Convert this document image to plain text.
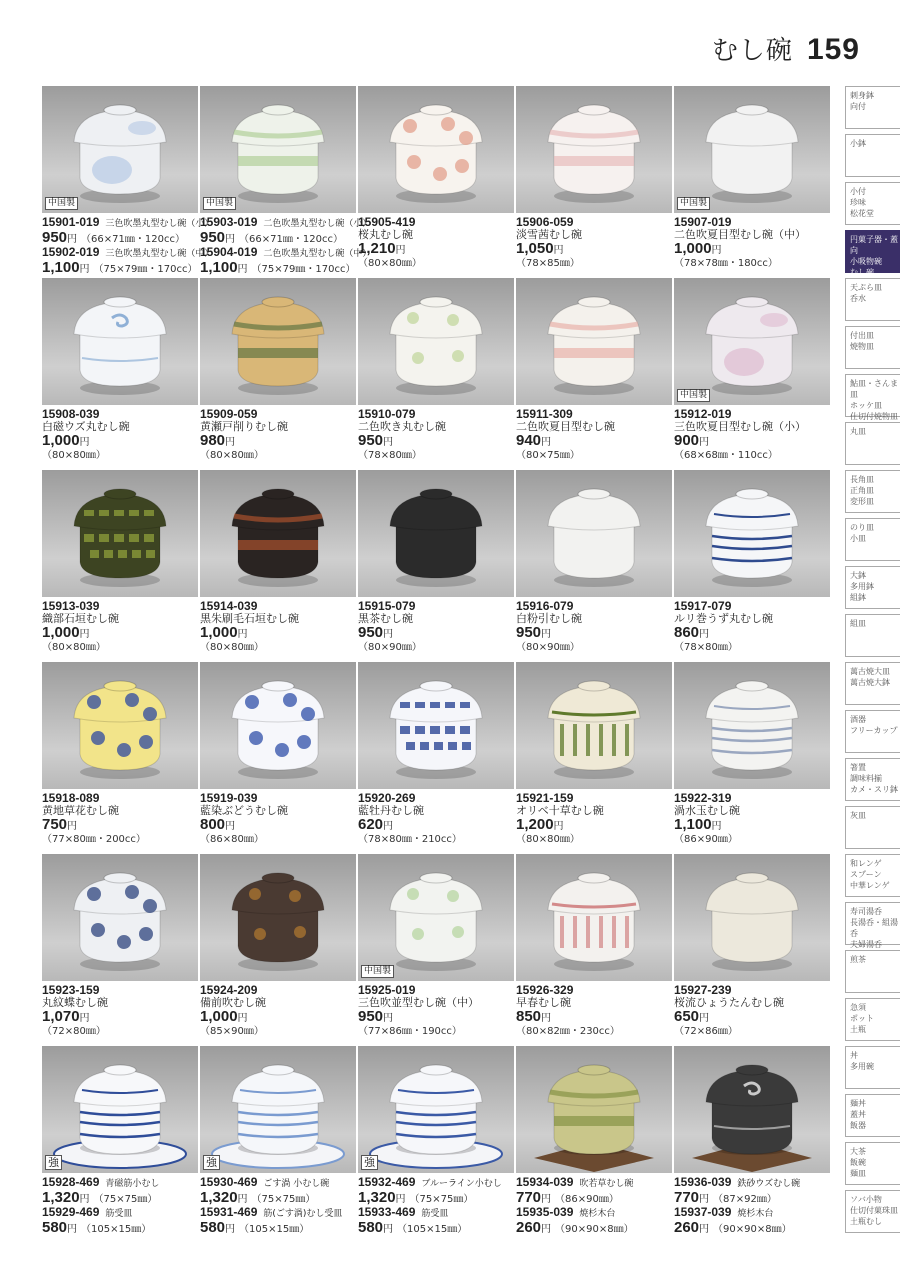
むし碗 159
中国製
15901-019 三色吹墨丸型むし碗（小）
950円 （66×71㎜・120cc）
15902-019 三色吹墨丸型むし碗（中）
1,100円 （75×79㎜・170cc）
中国製
15903-019 二色吹墨丸型むし碗（小）
950円 （66×71㎜・120cc）
15904-019 二色吹墨丸型むし碗（中）
1,100円 （75×79㎜・170cc）
15905-419
桜丸むし碗
1,210円
（80×80㎜）
15906-059
淡雪茜むし碗
1,050円
（78×85㎜）
中国製
15907-019
二色吹夏目型むし碗（中）
1,000円
（78×78㎜・180cc）
15908-039
白磁ウズ丸むし碗
1,000円
（80×80㎜）
15909-059
黄瀬戸削りむし碗
980円
（80×80㎜）
15910-079
二色吹き丸むし碗
950円
（78×80㎜）
15911-309
二色吹夏目型むし碗
940円
（80×75㎜）
中国製
15912-019
三色吹夏目型むし碗（小）
900円
（68×68㎜・110cc）
15913-039
織部石垣むし碗
1,000円
（80×80㎜）
15914-039
黒朱刷毛石垣むし碗
1,000円
（80×80㎜）
15915-079
黒茶むし碗
950円
（80×90㎜）
15916-079
白粉引むし碗
950円
（80×90㎜）
15917-079
ルリ巻うず丸むし碗
860円
（78×80㎜）
15918-089
黄地草花むし碗
750円
（77×80㎜・200cc）
15919-039
藍染ぶどうむし碗
800円
（86×80㎜）
15920-269
藍牡丹むし碗
620円
（78×80㎜・210cc）
15921-159
オリベ十草むし碗
1,200円
（80×80㎜）
15922-319
渦水玉むし碗
1,100円
（86×90㎜）
15923-159
丸紋蝶むし碗
1,070円
（72×80㎜）
15924-209
備前吹むし碗
1,000円
（85×90㎜）
中国製
15925-019
三色吹並型むし碗（中）
950円
（77×86㎜・190cc）
15926-329
早春むし碗
850円
（80×82㎜・230cc）
15927-239
桜流ひょうたんむし碗
650円
（72×86㎜）
強
15928-469 青磁筋小むし
1,320円 （75×75㎜）
15929-469 筋受皿
580円 （105×15㎜）
強
15930-469 ごす渦 小むし碗
1,320円 （75×75㎜）
15931-469 筋(ごす渦)むし受皿
580円 （105×15㎜）
強
15932-469 ブルーライン小むし
1,320円 （75×75㎜）
15933-469 筋受皿
580円 （105×15㎜）
15934-039 吹若草むし碗
770円 （86×90㎜）
15935-039 焼杉木台
260円 （90×90×8㎜）
15936-039 鉄砂ウズむし碗
770円 （87×92㎜）
15937-039 焼杉木台
260円 （90×90×8㎜）
刺身鉢
向付
小鉢
小付
珍味
松花堂
円菓子器・蓋向
小吸物碗
むし碗
天ぷら皿
呑水
付出皿
焼物皿
鮎皿・さんま皿
ホッケ皿
仕切付焼物皿
丸皿
長角皿
正角皿
変形皿
のり皿
小皿
大鉢
多用鉢
組鉢
組皿
萬古焼大皿
萬古焼大鉢
酒器
フリーカップ
箸置
調味料揃
カメ・スリ鉢
灰皿
和レンゲ
スプーン
中華レンゲ
寿司湯呑
長湯呑・組湯呑
夫婦湯呑
煎茶
急須
ポット
土瓶
丼
多用碗
麺丼
蓋丼
飯器
大茶
飯碗
麺皿
ソバ小物
仕切付菓珠皿
土瓶むし
